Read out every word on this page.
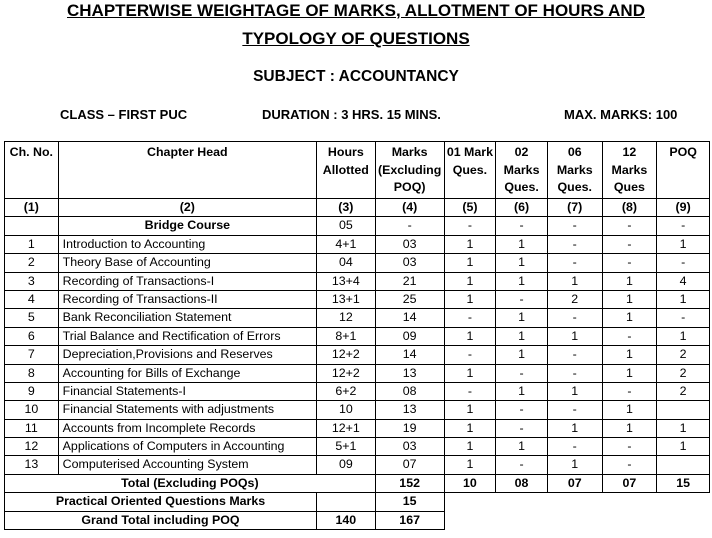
CHAPTERWISE WEIGHTAGE OF MARKS, ALLOTMENT OF HOURS AND
TYPOLOGY OF QUESTIONS
SUBJECT : ACCOUNTANCY
CLASS – FIRST PUC	DURATION : 3 HRS. 15 MINS.	MAX. MARKS: 100
Ch. No.	Chapter Head	Hours Allotted	Marks (Excluding POQ)	01 Mark Ques.	02 Marks Ques.	06 Marks Ques.	12 Marks Ques	POQ
(1)	(2)	(3)	(4)	(5)	(6)	(7)	(8)	(9)
	Bridge Course	05	-	-	-	-	-	-
1	Introduction to Accounting	4+1	03	1	1	-	-	1
2	Theory Base of Accounting	04	03	1	1	-	-	-
3	Recording of Transactions-I	13+4	21	1	1	1	1	4
4	Recording of Transactions-II	13+1	25	1	-	2	1	1
5	Bank Reconciliation Statement	12	14	-	1	-	1	-
6	Trial Balance and Rectification of Errors	8+1	09	1	1	1	-	1
7	Depreciation,Provisions and Reserves	12+2	14	-	1	-	1	2
8	Accounting for Bills of Exchange	12+2	13	1	-	-	1	2
9	Financial Statements-I	6+2	08	-	1	1	-	2
10	Financial Statements with adjustments	10	13	1	-	-	1	
11	Accounts from Incomplete Records	12+1	19	1	-	1	1	1
12	Applications of Computers in Accounting	5+1	03	1	1	-	-	1
13	Computerised Accounting System	09	07	1	-	1	-	
Total (Excluding POQs)			152	10	08	07	07	15
Practical Oriented Questions Marks			15					
Grand Total including POQ		140	167					
